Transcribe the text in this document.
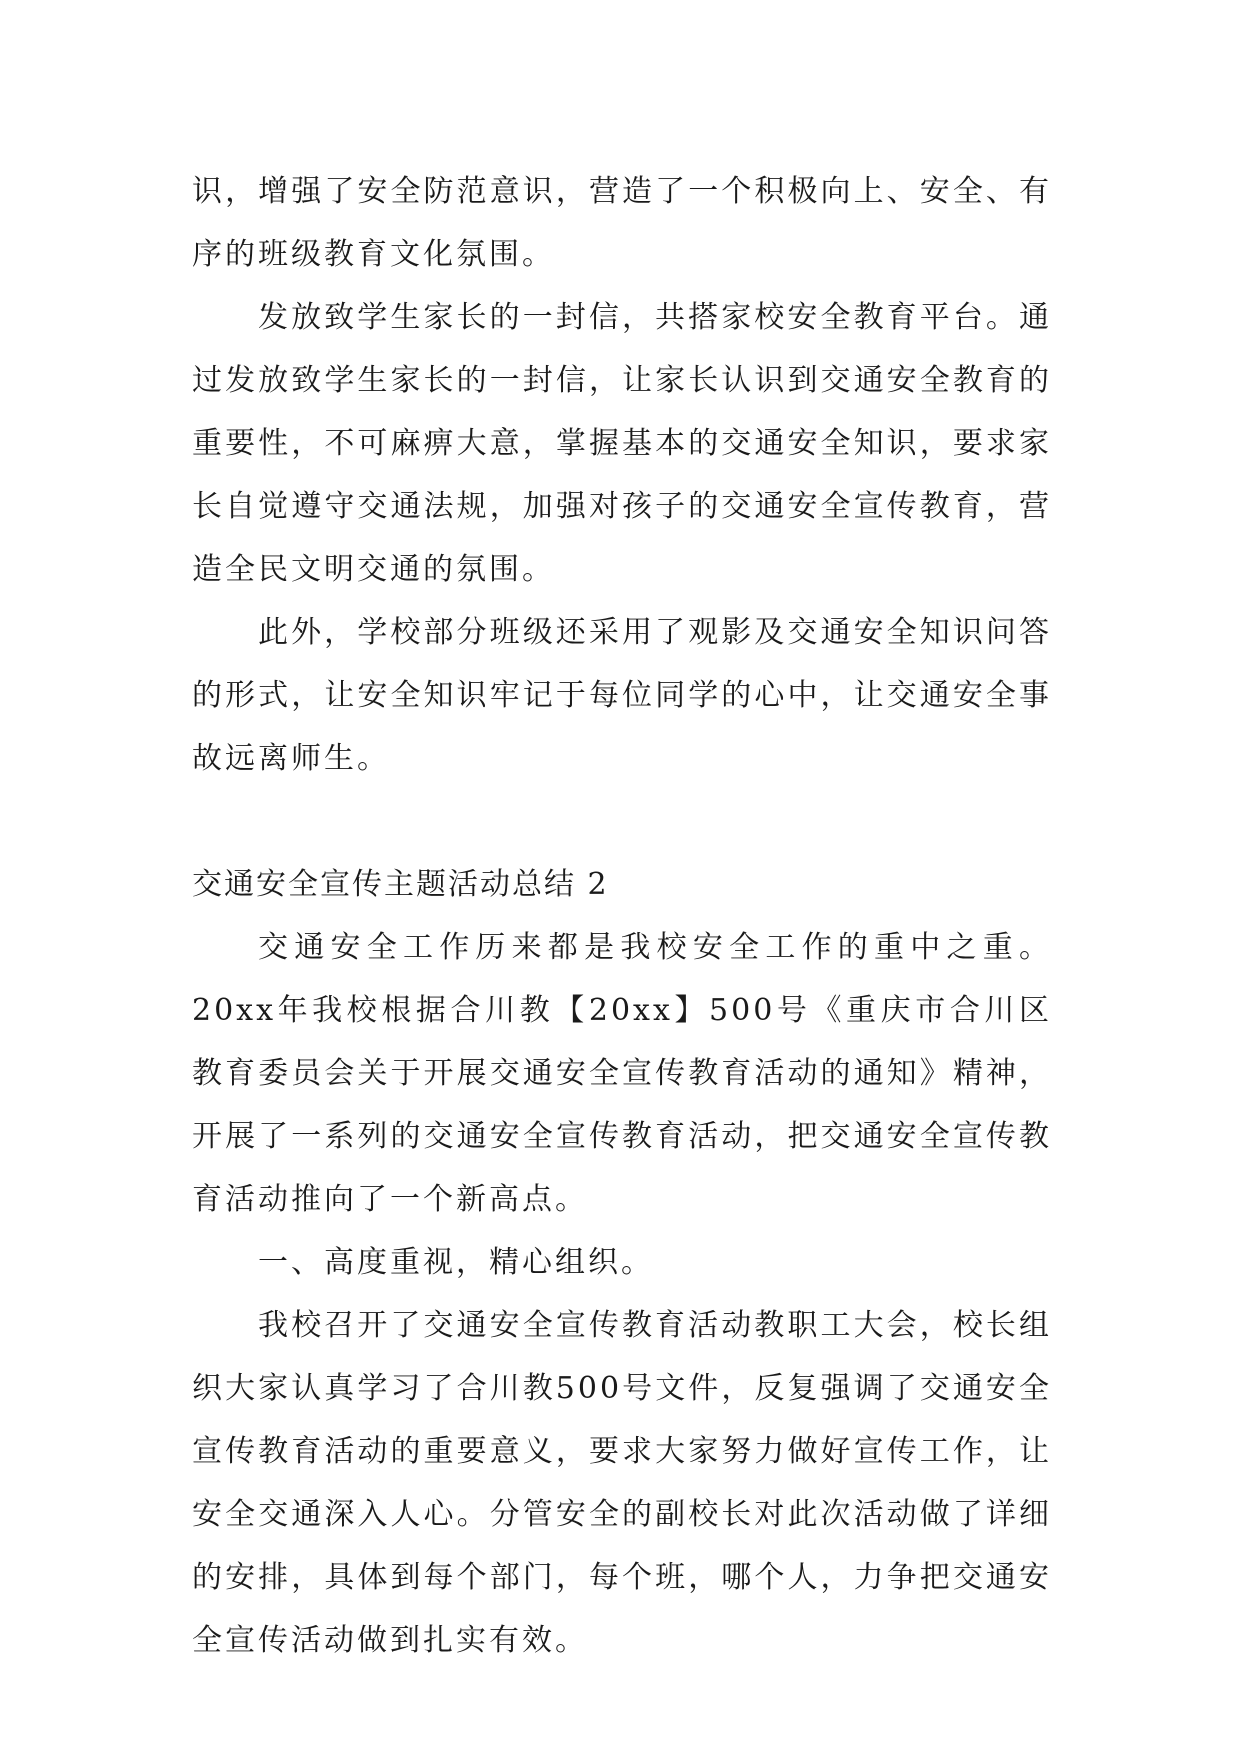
识，增强了安全防范意识，营造了一个积极向上、安全、有序的班级教育文化氛围。

发放致学生家长的一封信，共搭家校安全教育平台。通过发放致学生家长的一封信，让家长认识到交通安全教育的重要性，不可麻痹大意，掌握基本的交通安全知识，要求家长自觉遵守交通法规，加强对孩子的交通安全宣传教育，营造全民文明交通的氛围。

此外，学校部分班级还采用了观影及交通安全知识问答的形式，让安全知识牢记于每位同学的心中，让交通安全事故远离师生。

交通安全宣传主题活动总结 2

交通安全工作历来都是我校安全工作的重中之重。20xx年我校根据合川教【20xx】500号《重庆市合川区教育委员会关于开展交通安全宣传教育活动的通知》精神，开展了一系列的交通安全宣传教育活动，把交通安全宣传教育活动推向了一个新高点。

一、高度重视，精心组织。

我校召开了交通安全宣传教育活动教职工大会，校长组织大家认真学习了合川教500号文件，反复强调了交通安全宣传教育活动的重要意义，要求大家努力做好宣传工作，让安全交通深入人心。分管安全的副校长对此次活动做了详细的安排，具体到每个部门，每个班，哪个人，力争把交通安全宣传活动做到扎实有效。
